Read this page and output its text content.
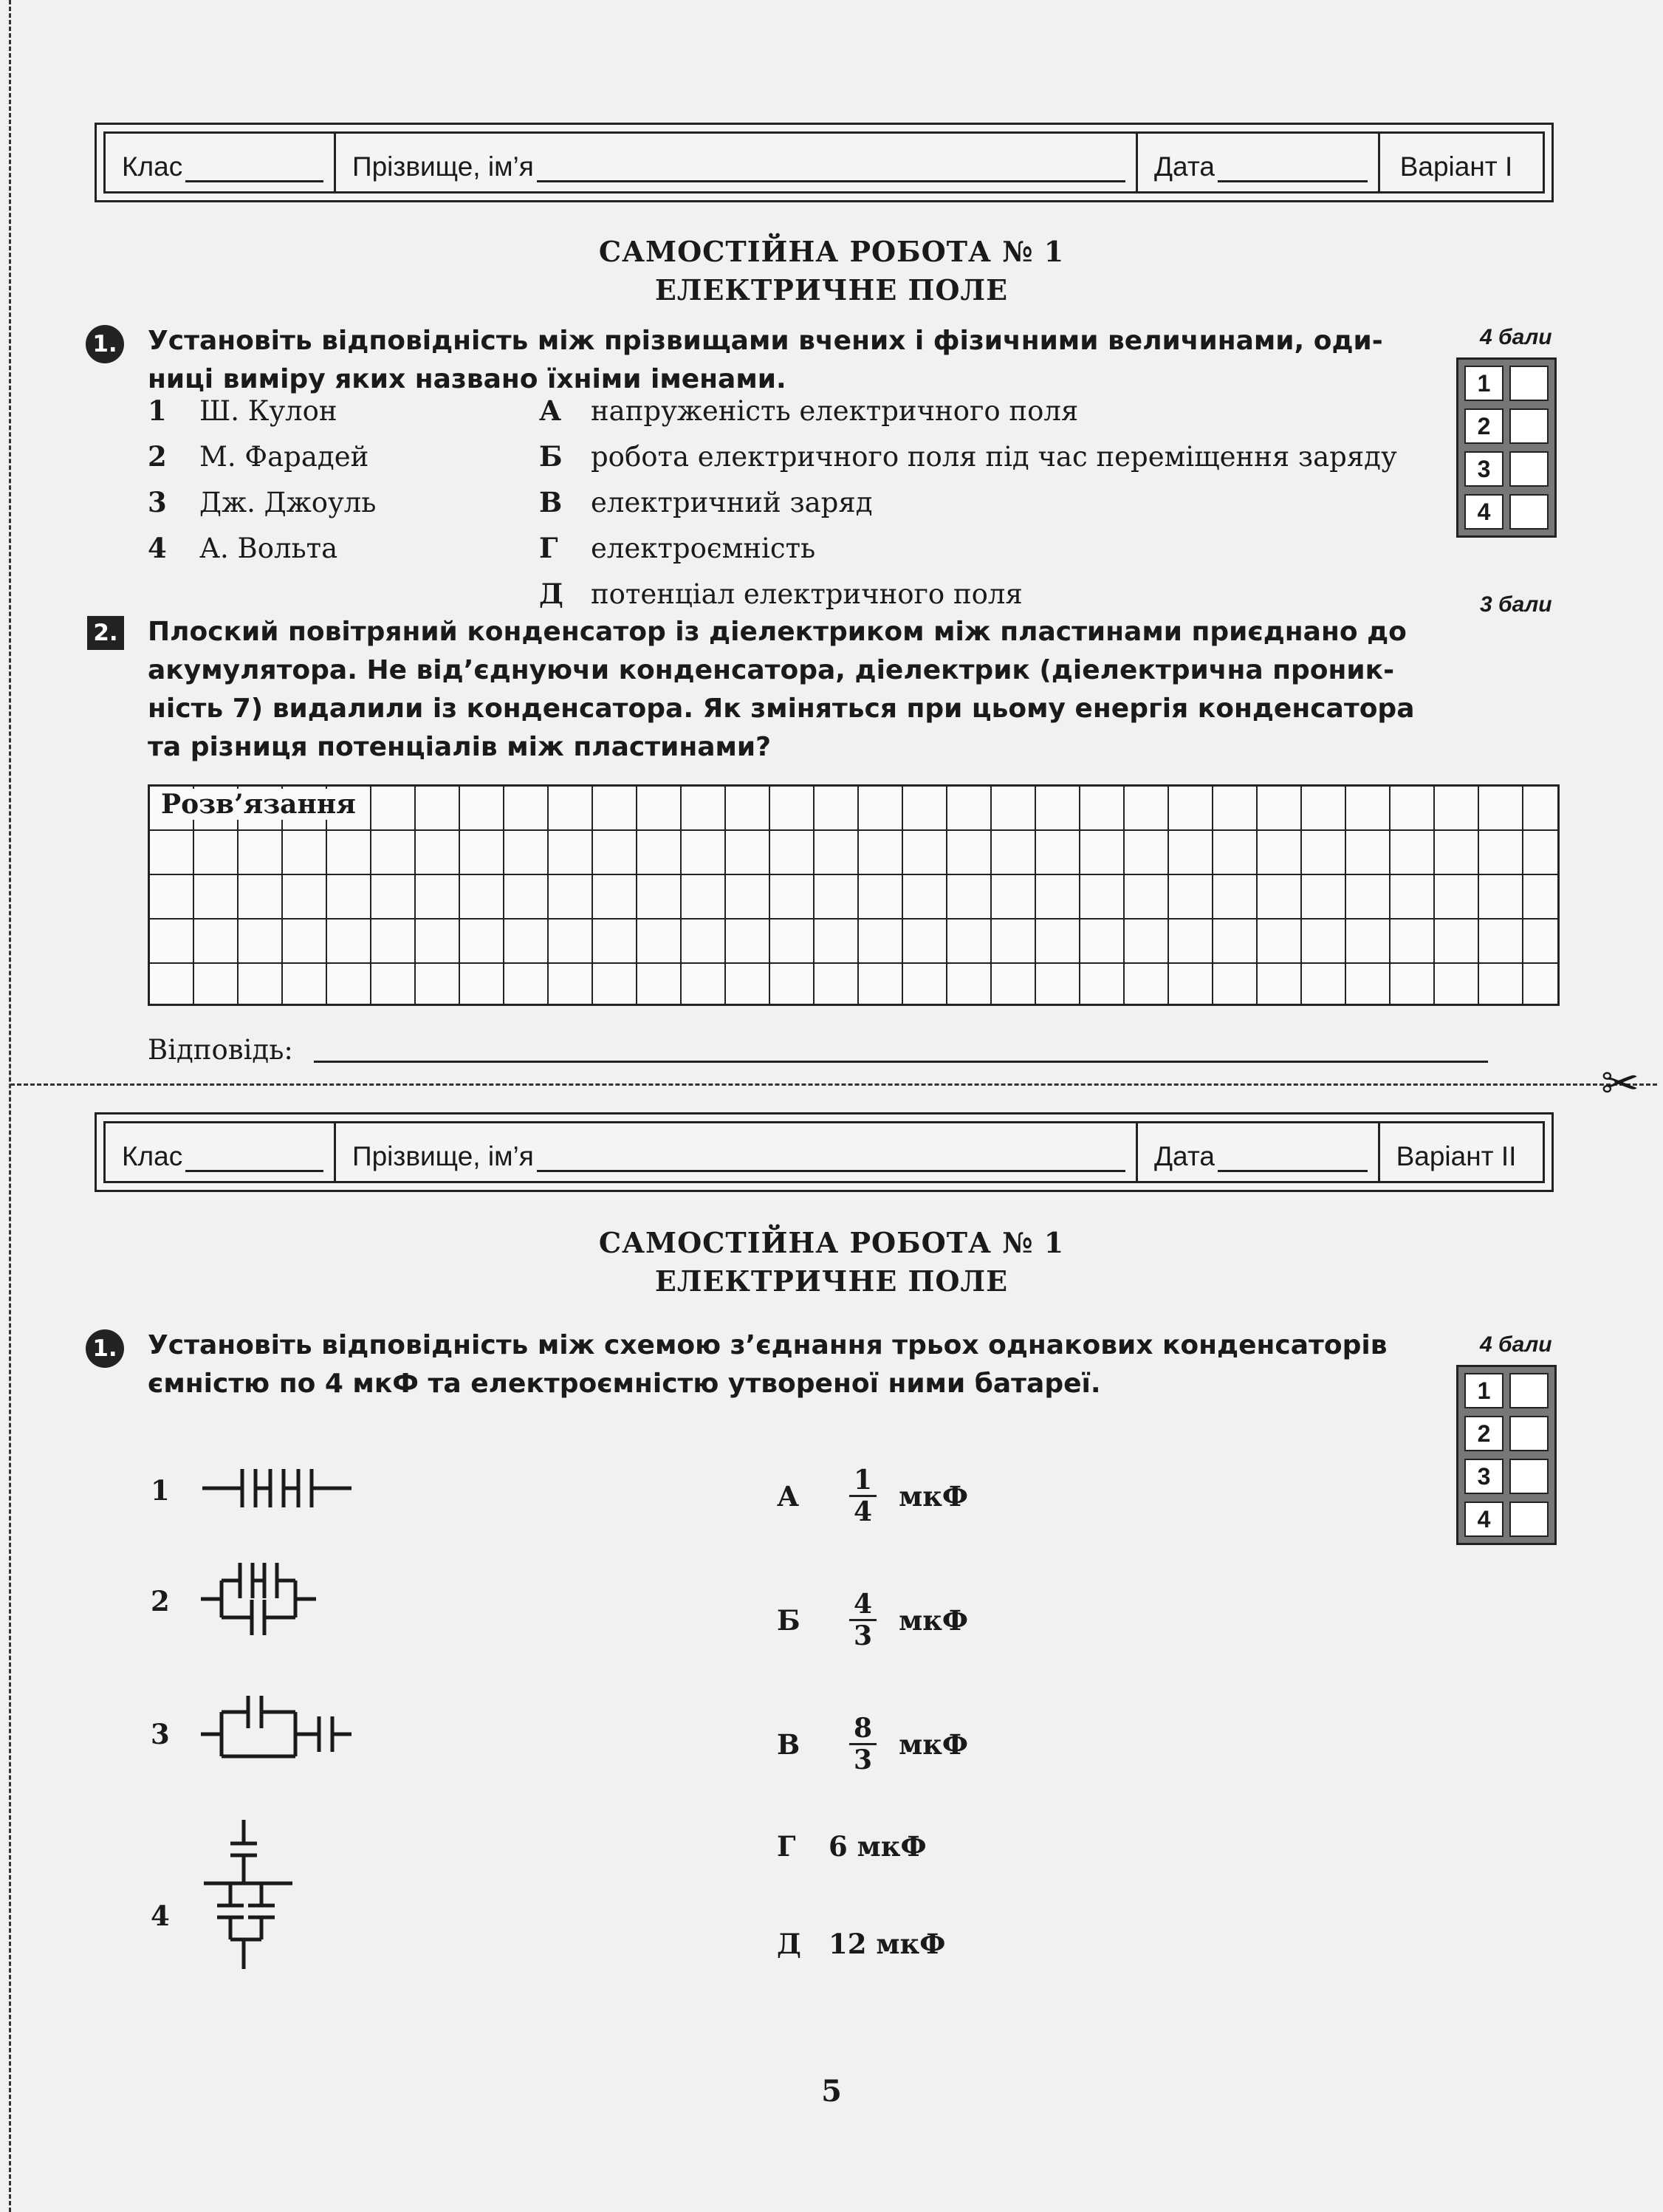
✂
Клас	Прізвище, ім’я	Дата	Варіант І
САМОСТІЙНА РОБОТА № 1
ЕЛЕКТРИЧНЕ ПОЛЕ
1. Установіть відповідність між прізвищами вчених і фізичними величинами, оди-
ниці виміру яких названо їхніми іменами.
4 бали
1 Ш. Кулон
2 М. Фарадей
3 Дж. Джоуль
4 А. Вольта
А напруженість електричного поля
Б робота електричного поля під час переміщення заряду
В електричний заряд
Г електроємність
Д потенціал електричного поля
1
2
3
4
3 бали
2. Плоский повітряний конденсатор із діелектриком між пластинами приєднано до
акумулятора. Не від’єднуючи конденсатора, діелектрик (діелектрична проник-
ність 7) видалили із конденсатора. Як зміняться при цьому енергія конденсатора
та різниця потенціалів між пластинами?
Розв’язання
Відповідь:
Клас	Прізвище, ім’я	Дата	Варіант ІІ
САМОСТІЙНА РОБОТА № 1
ЕЛЕКТРИЧНЕ ПОЛЕ
1. Установіть відповідність між схемою з’єднання трьох однакових конденсаторів
ємністю по 4 мкФ та електроємністю утвореної ними батареї.
4 бали
1
2
3
4
1
2
3
4
А	$\frac{1}{4}$ мкФ
Б	$\frac{4}{3}$ мкФ
В	$\frac{8}{3}$ мкФ
Г	6 мкФ
Д	12 мкФ
5
